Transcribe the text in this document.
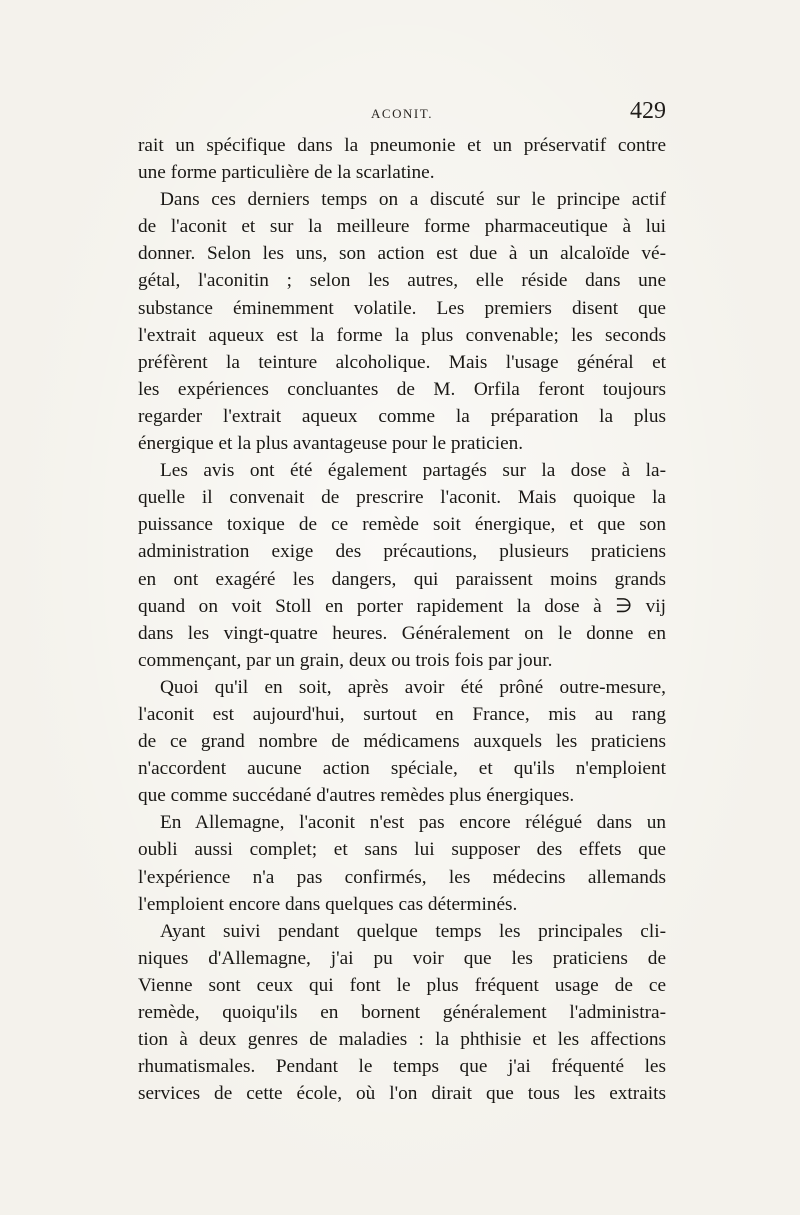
ACONIT.	429
rait un spécifique dans la pneumonie et un préservatif contre
une forme particulière de la scarlatine.
Dans ces derniers temps on a discuté sur le principe actif
de l'aconit et sur la meilleure forme pharmaceutique à lui
donner. Selon les uns, son action est due à un alcaloïde vé-
gétal, l'aconitin ; selon les autres, elle réside dans une
substance éminemment volatile. Les premiers disent que
l'extrait aqueux est la forme la plus convenable; les seconds
préfèrent la teinture alcoholique. Mais l'usage général et
les expériences concluantes de M. Orfila feront toujours
regarder l'extrait aqueux comme la préparation la plus
énergique et la plus avantageuse pour le praticien.
Les avis ont été également partagés sur la dose à la-
quelle il convenait de prescrire l'aconit. Mais quoique la
puissance toxique de ce remède soit énergique, et que son
administration exige des précautions, plusieurs praticiens
en ont exagéré les dangers, qui paraissent moins grands
quand on voit Stoll en porter rapidement la dose à ∋ vij
dans les vingt-quatre heures. Généralement on le donne en
commençant, par un grain, deux ou trois fois par jour.
Quoi qu'il en soit, après avoir été prôné outre-mesure,
l'aconit est aujourd'hui, surtout en France, mis au rang
de ce grand nombre de médicamens auxquels les praticiens
n'accordent aucune action spéciale, et qu'ils n'emploient
que comme succédané d'autres remèdes plus énergiques.
En Allemagne, l'aconit n'est pas encore rélégué dans un
oubli aussi complet; et sans lui supposer des effets que
l'expérience n'a pas confirmés, les médecins allemands
l'emploient encore dans quelques cas déterminés.
Ayant suivi pendant quelque temps les principales cli-
niques d'Allemagne, j'ai pu voir que les praticiens de
Vienne sont ceux qui font le plus fréquent usage de ce
remède, quoiqu'ils en bornent généralement l'administra-
tion à deux genres de maladies : la phthisie et les affections
rhumatismales. Pendant le temps que j'ai fréquenté les
services de cette école, où l'on dirait que tous les extraits
